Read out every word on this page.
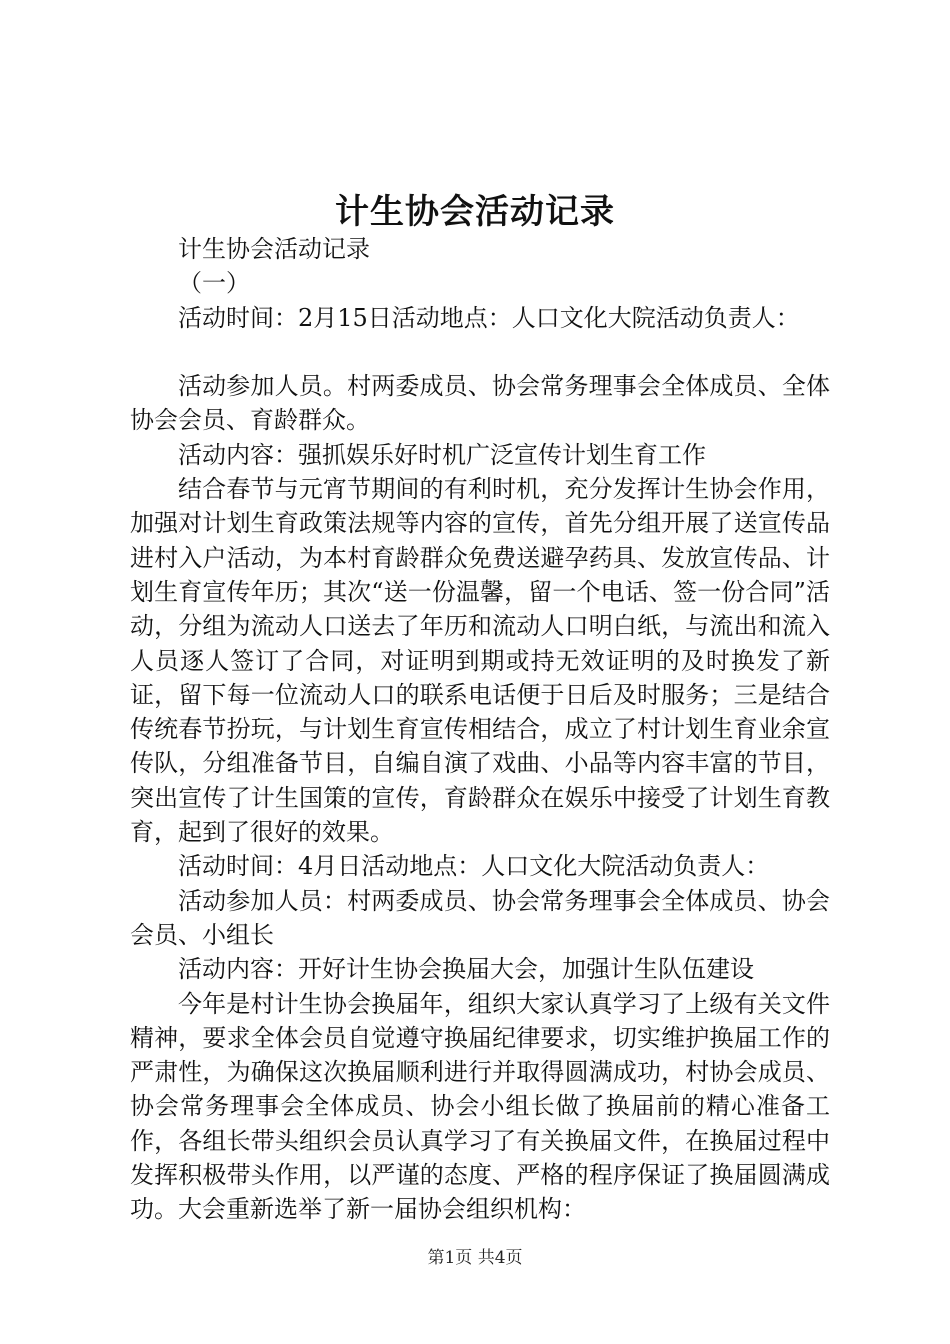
计生协会活动记录

计生协会活动记录

（一）

活动时间：2月15日活动地点：人口文化大院活动负责人：

活动参加人员。村两委成员、协会常务理事会全体成员、全体协会会员、育龄群众。

活动内容：强抓娱乐好时机广泛宣传计划生育工作

结合春节与元宵节期间的有利时机，充分发挥计生协会作用，加强对计划生育政策法规等内容的宣传，首先分组开展了送宣传品进村入户活动，为本村育龄群众免费送避孕药具、发放宣传品、计划生育宣传年历；其次“送一份温馨，留一个电话、签一份合同”活动，分组为流动人口送去了年历和流动人口明白纸，与流出和流入人员逐人签订了合同，对证明到期或持无效证明的及时换发了新证，留下每一位流动人口的联系电话便于日后及时服务；三是结合传统春节扮玩，与计划生育宣传相结合，成立了村计划生育业余宣传队，分组准备节目，自编自演了戏曲、小品等内容丰富的节目，突出宣传了计生国策的宣传，育龄群众在娱乐中接受了计划生育教育，起到了很好的效果。

活动时间：4月日活动地点：人口文化大院活动负责人：

活动参加人员：村两委成员、协会常务理事会全体成员、协会会员、小组长

活动内容：开好计生协会换届大会，加强计生队伍建设

今年是村计生协会换届年，组织大家认真学习了上级有关文件精神，要求全体会员自觉遵守换届纪律要求，切实维护换届工作的严肃性，为确保这次换届顺利进行并取得圆满成功，村协会成员、协会常务理事会全体成员、协会小组长做了换届前的精心准备工作，各组长带头组织会员认真学习了有关换届文件，在换届过程中发挥积极带头作用，以严谨的态度、严格的程序保证了换届圆满成功。大会重新选举了新一届协会组织机构：

第1页 共4页
